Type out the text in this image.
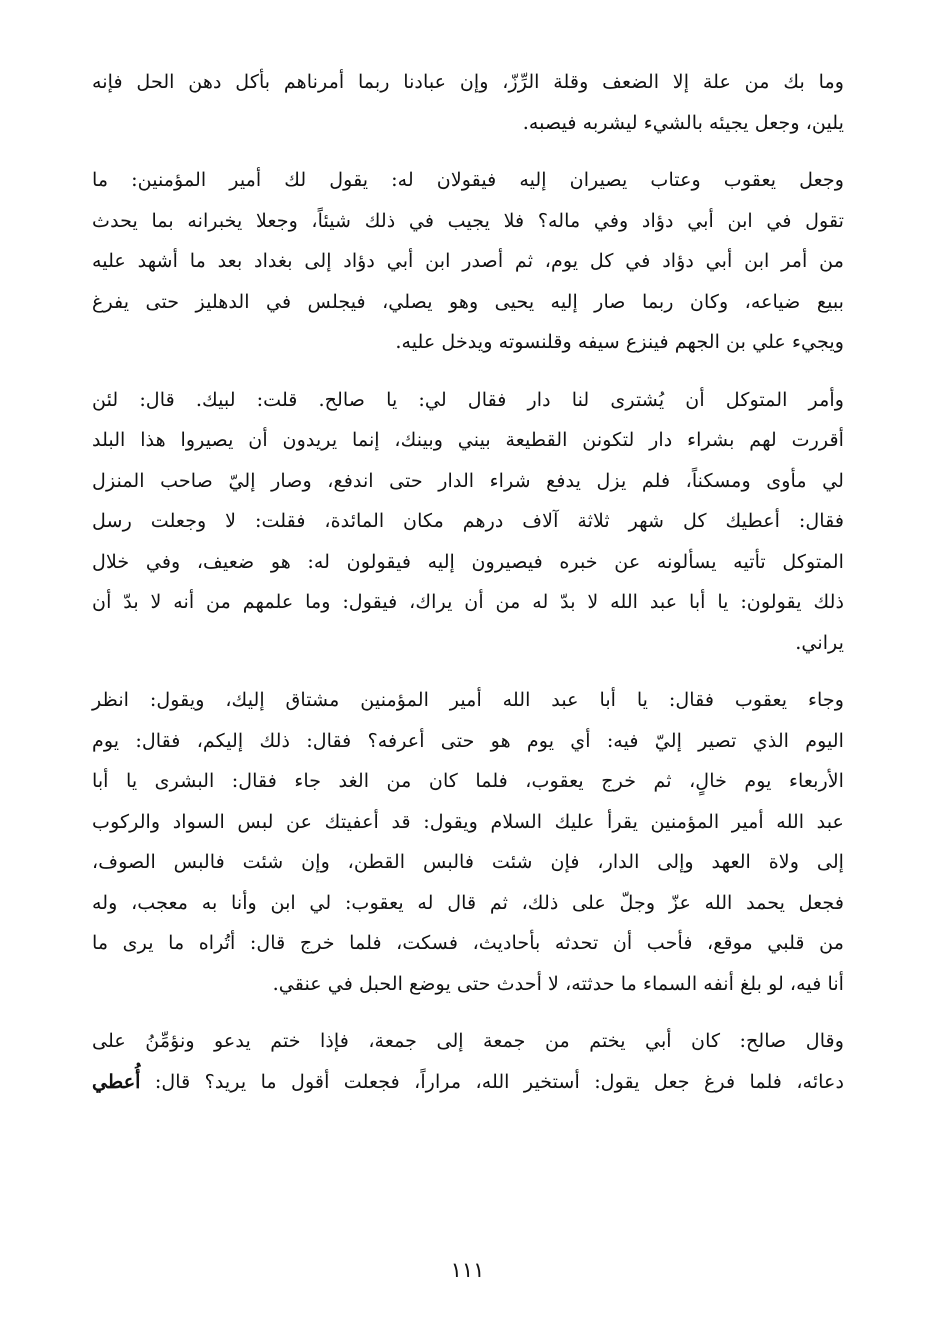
وما بك من علة إلا الضعف وقلة الرِّزّ، وإن عبادنا ربما أمرناهم بأكل دهن الحل فإنه
يلين، وجعل يجيئه بالشيء ليشربه فيصبه.
وجعل يعقوب وعتاب يصيران إليه فيقولان له: يقول لك أمير المؤمنين: ما
تقول في ابن أبي دؤاد وفي ماله؟ فلا يجيب في ذلك شيئاً، وجعلا يخبرانه بما يحدث
من أمر ابن أبي دؤاد في كل يوم، ثم أصدر ابن أبي دؤاد إلى بغداد بعد ما أشهد عليه
ببيع ضياعه، وكان ربما صار إليه يحيى وهو يصلي، فيجلس في الدهليز حتى يفرغ
ويجيء علي بن الجهم فينزع سيفه وقلنسوته ويدخل عليه.
وأمر المتوكل أن يُشترى لنا دار فقال لي: يا صالح. قلت: لبيك. قال: لئن
أقررت لهم بشراء دار لتكونن القطيعة بيني وبينك، إنما يريدون أن يصيروا هذا البلد
لي مأوى ومسكناً، فلم يزل يدفع شراء الدار حتى اندفع، وصار إليّ صاحب المنزل
فقال: أعطيك كل شهر ثلاثة آلاف درهم مكان المائدة، فقلت: لا وجعلت رسل
المتوكل تأتيه يسألونه عن خبره فيصيرون إليه فيقولون له: هو ضعيف، وفي خلال
ذلك يقولون: يا أبا عبد الله لا بدّ له من أن يراك، فيقول: وما علمهم من أنه لا بدّ أن
يراني.
وجاء يعقوب فقال: يا أبا عبد الله أمير المؤمنين مشتاق إليك، ويقول: انظر
اليوم الذي تصير إليّ فيه: أي يوم هو حتى أعرفه؟ فقال: ذلك إليكم، فقال: يوم
الأربعاء يوم خالٍ، ثم خرج يعقوب، فلما كان من الغد جاء فقال: البشرى يا أبا
عبد الله أمير المؤمنين يقرأ عليك السلام ويقول: قد أعفيتك عن لبس السواد والركوب
إلى ولاة العهد وإلى الدار، فإن شئت فالبس القطن، وإن شئت فالبس الصوف،
فجعل يحمد الله عزّ وجلّ على ذلك، ثم قال له يعقوب: لي ابن وأنا به معجب، وله
من قلبي موقع، فأحب أن تحدثه بأحاديث، فسكت، فلما خرج قال: أتُراه ما يرى ما
أنا فيه، لو بلغ أنفه السماء ما حدثته، لا أحدث حتى يوضع الحبل في عنقي.
وقال صالح: كان أبي يختم من جمعة إلى جمعة، فإذا ختم يدعو ونؤمِّنُ على
دعائه، فلما فرغ جعل يقول: أستخير الله، مراراً، فجعلت أقول ما يريد؟ قال: أُعطي
١١١
